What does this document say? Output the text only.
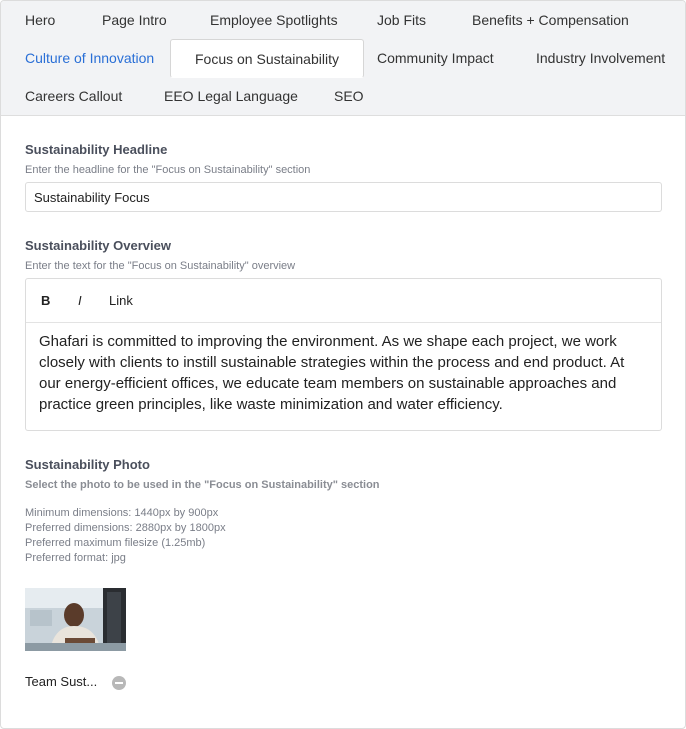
Hero	Page Intro	Employee Spotlights	Job Fits	Benefits + Compensation
Culture of Innovation	Focus on Sustainability	Community Impact	Industry Involvement
Careers Callout	EEO Legal Language	SEO
Sustainability Headline
Enter the headline for the "Focus on Sustainability" section
Sustainability Focus
Sustainability Overview
Enter the text for the "Focus on Sustainability" overview
B I Link
Ghafari is committed to improving the environment. As we shape each project, we work closely with clients to instill sustainable strategies within the process and end product. At our energy-efficient offices, we educate team members on sustainable approaches and practice green principles, like waste minimization and water efficiency.
Sustainability Photo
Select the photo to be used in the "Focus on Sustainability" section
Minimum dimensions: 1440px by 900px
Preferred dimensions: 2880px by 1800px
Preferred maximum filesize (1.25mb)
Preferred format: jpg
Team Sust...
